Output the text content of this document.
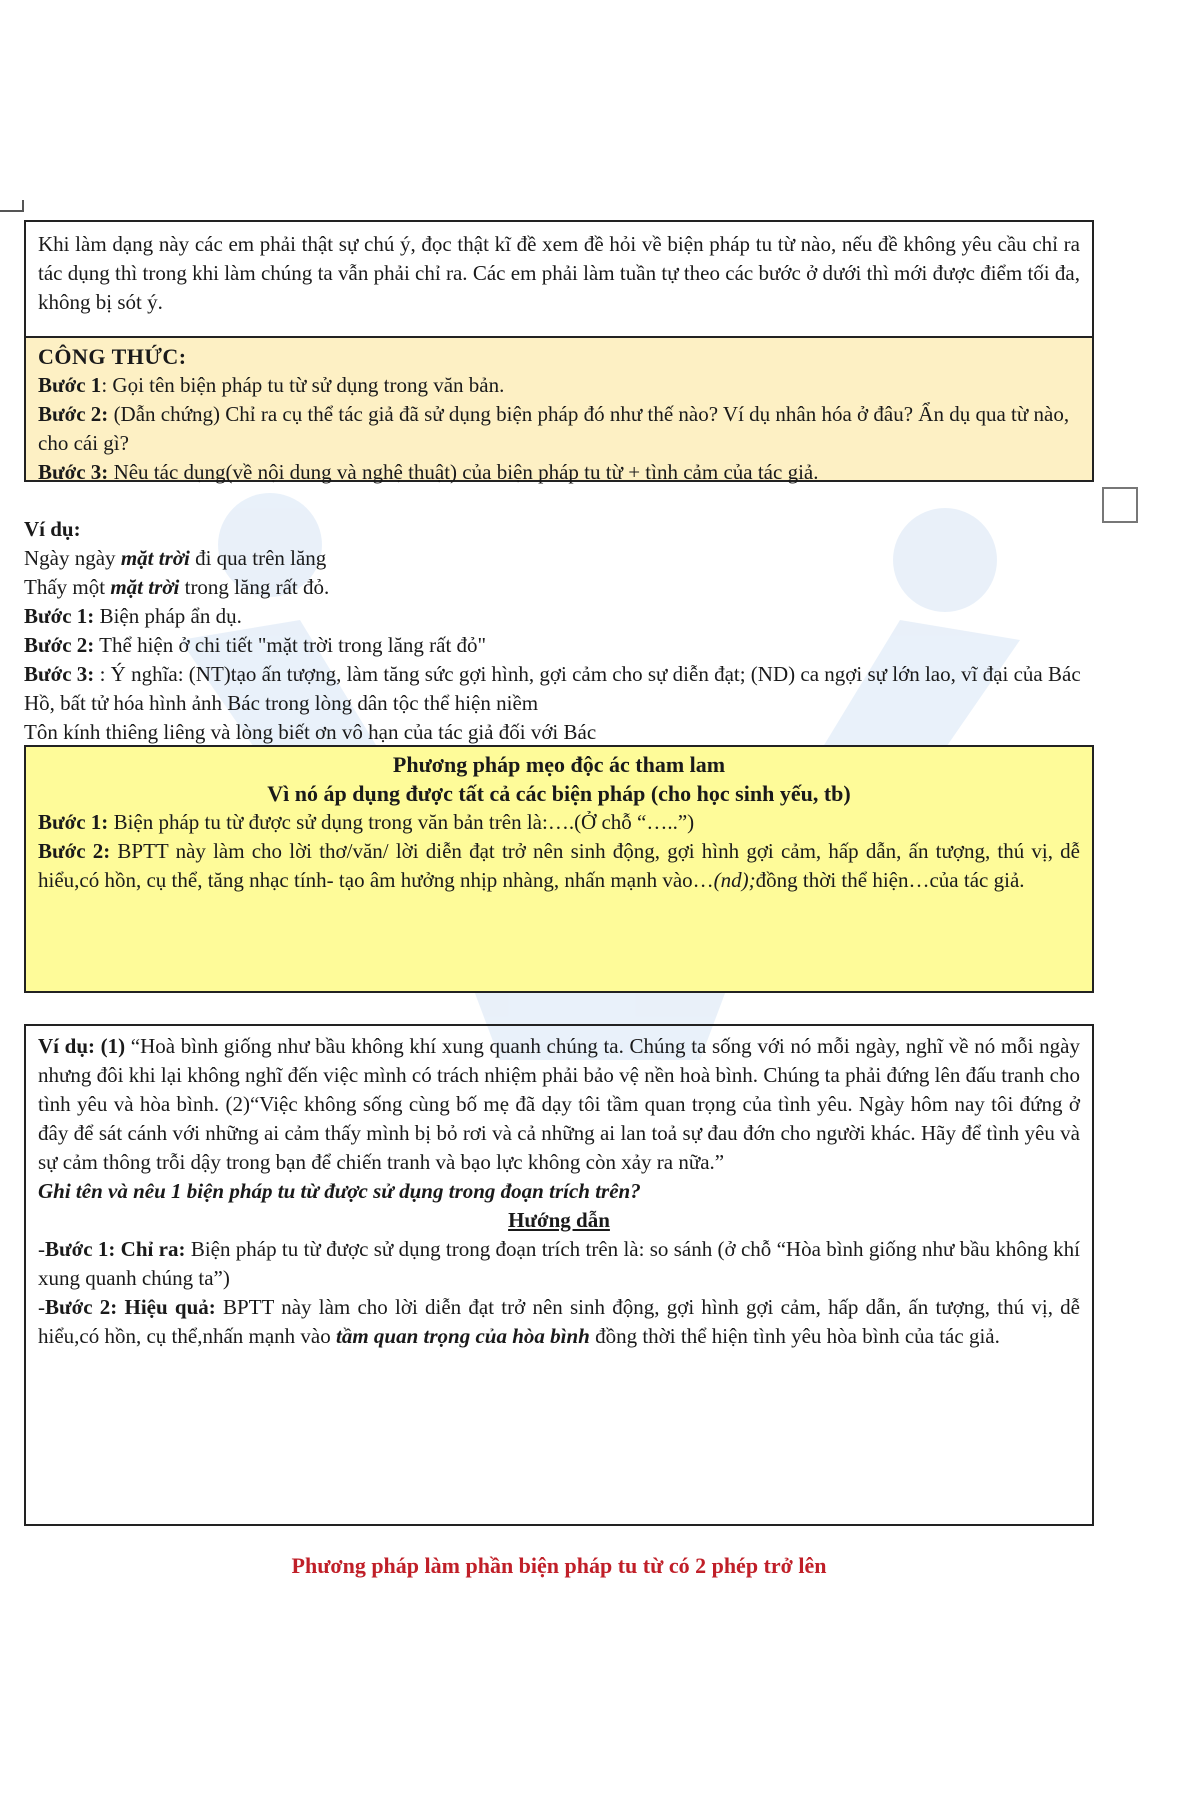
Khi làm dạng này các em phải thật sự chú ý, đọc thật kĩ đề xem đề hỏi về biện pháp tu từ nào, nếu đề không yêu cầu chỉ ra tác dụng thì trong khi làm chúng ta vẫn phải chỉ ra. Các em phải làm tuần tự theo các bước ở dưới thì mới được điểm tối đa, không bị sót ý.

CÔNG THỨC:

Bước 1: Gọi tên biện pháp tu từ sử dụng trong văn bản.

Bước 2: (Dẫn chứng) Chỉ ra cụ thể tác giả đã sử dụng biện pháp đó như thế nào? Ví dụ nhân hóa ở đâu? Ẩn dụ qua từ nào, cho cái gì?

Bước 3: Nêu tác dụng(về nội dung và nghệ thuật) của biện pháp tu từ + tình cảm của tác giả.

Ví dụ:

Ngày ngày mặt trời đi qua trên lăng

Thấy một mặt trời trong lăng rất đỏ.

Bước 1: Biện pháp ẩn dụ.

Bước 2: Thể hiện ở chi tiết "mặt trời trong lăng rất đỏ"

Bước 3: : Ý nghĩa: (NT)tạo ấn tượng, làm tăng sức gợi hình, gợi cảm cho sự diễn đạt; (ND) ca ngợi sự lớn lao, vĩ đại của Bác Hồ, bất tử hóa hình ảnh Bác trong lòng dân tộc thể hiện niềm

Tôn kính thiêng liêng và lòng biết ơn vô hạn của tác giả đối với Bác

Phương pháp mẹo độc ác tham lam

Vì nó áp dụng được tất cả các biện pháp (cho học sinh yếu, tb)

Bước 1: Biện pháp tu từ được sử dụng trong văn bản trên là:….(Ở chỗ “…..”)

Bước 2: BPTT này làm cho lời thơ/văn/ lời diễn đạt trở nên sinh động, gợi hình gợi cảm, hấp dẫn, ấn tượng, thú vị, dễ hiểu,có hồn, cụ thể, tăng nhạc tính- tạo âm hưởng nhịp nhàng, nhấn mạnh vào…(nd);đồng thời thể hiện…của tác giả.

Ví dụ: (1) “Hoà bình giống như bầu không khí xung quanh chúng ta. Chúng ta sống với nó mỗi ngày, nghĩ về nó mỗi ngày nhưng đôi khi lại không nghĩ đến việc mình có trách nhiệm phải bảo vệ nền hoà bình. Chúng ta phải đứng lên đấu tranh cho tình yêu và hòa bình. (2)“Việc không sống cùng bố mẹ đã dạy tôi tầm quan trọng của tình yêu. Ngày hôm nay tôi đứng ở đây để sát cánh với những ai cảm thấy mình bị bỏ rơi và cả những ai lan toả sự đau đớn cho người khác. Hãy để tình yêu và sự cảm thông trỗi dậy trong bạn để chiến tranh và bạo lực không còn xảy ra nữa.”

Ghi tên và nêu 1 biện pháp tu từ được sử dụng trong đoạn trích trên?

Hướng dẫn

-Bước 1: Chỉ ra: Biện pháp tu từ được sử dụng trong đoạn trích trên là: so sánh (ở chỗ “Hòa bình giống như bầu không khí xung quanh chúng ta”)

-Bước 2: Hiệu quả: BPTT này làm cho lời diễn đạt trở nên sinh động, gợi hình gợi cảm, hấp dẫn, ấn tượng, thú vị, dễ hiểu,có hồn, cụ thể,nhấn mạnh vào tầm quan trọng của hòa bình đồng thời thể hiện tình yêu hòa bình của tác giả.

Phương pháp làm phần biện pháp tu từ có 2 phép trở lên
